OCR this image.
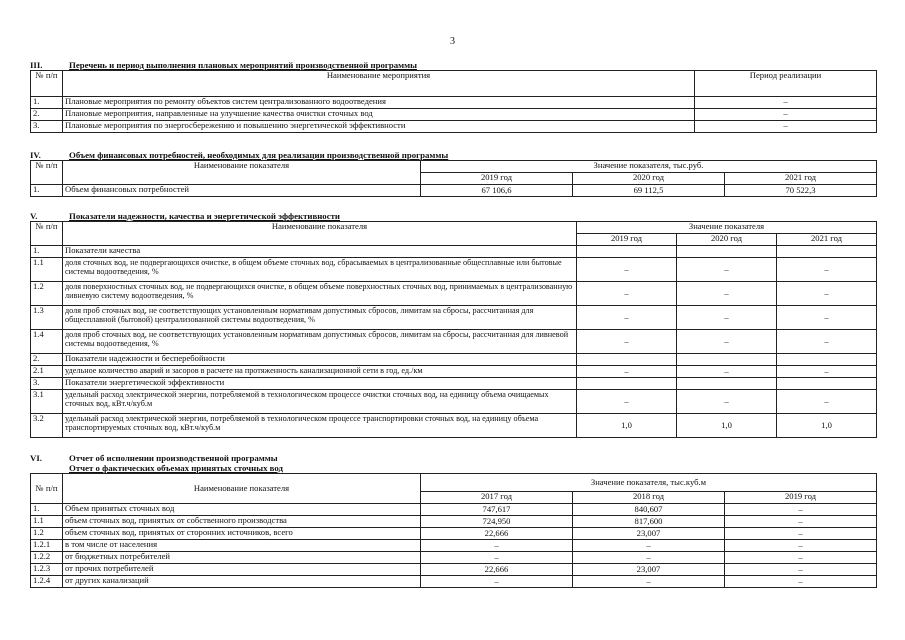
3
III.	Перечень и период выполнения плановых мероприятий производственной программы
№ п/п	Наименование мероприятия	Период реализации
1.	Плановые мероприятия по ремонту объектов систем централизованного водоотведения	–
2.	Плановые мероприятия, направленные на улучшение качества очистки сточных вод	–
3.	Плановые мероприятия по энергосбережению и повышению энергетической эффективности	–
IV.	Объем финансовых потребностей, необходимых для реализации производственной программы
№ п/п	Наименование показателя	Значение показателя, тыс.руб.		
		2019 год	2020 год	2021 год
1.	Объем финансовых потребностей	67 106,6	69 112,5	70 522,3
V.	Показатели надежности, качества и энергетической эффективности
№ п/п	Наименование показателя	Значение показателя		
		2019 год	2020 год	2021 год
1.	Показатели качества			
1.1	доля сточных вод, не подвергающихся очистке, в общем объеме сточных вод, сбрасываемых в централизованные общесплавные или бытовые системы водоотведения, %	–	–	–
1.2	доля поверхностных сточных вод, не подвергающихся очистке, в общем объеме поверхностных сточных вод, принимаемых в централизованную ливневую систему водоотведения, %	–	–	–
1.3	доля проб сточных вод, не соответствующих установленным нормативам допустимых сбросов, лимитам на сбросы, рассчитанная для общесплавной (бытовой) централизованной системы водоотведения, %	–	–	–
1.4	доля проб сточных вод, не соответствующих установленным нормативам допустимых сбросов, лимитам на сбросы, рассчитанная для ливневой системы водоотведения, %	–	–	–
2.	Показатели надежности и бесперебойности			
2.1	удельное количество аварий и засоров в расчете на протяженность канализационной сети в год, ед./км	–	–	–
3.	Показатели энергетической эффективности			
3.1	удельный расход электрической энергии, потребляемой в технологическом процессе очистки сточных вод, на единицу объема очищаемых сточных вод, кВт.ч/куб.м	–	–	–
3.2	удельный расход электрической энергии, потребляемой в технологическом процессе транспортировки сточных вод, на единицу объема транспортируемых сточных вод, кВт.ч/куб.м	1,0	1,0	1,0
VI.	Отчет об исполнении производственной программы
Отчет о фактических объемах принятых сточных вод
№ п/п	Наименование показателя	Значение показателя, тыс.куб.м		
		2017 год	2018 год	2019 год
1.	Объем принятых сточных вод	747,617	840,607	–
1.1	объем сточных вод, принятых от собственного производства	724,950	817,600	–
1.2	объем сточных вод, принятых от сторонних источников, всего	22,666	23,007	–
1.2.1	в том числе от населения	–	–	–
1.2.2	от бюджетных потребителей	–	–	–
1.2.3	от прочих потребителей	22,666	23,007	–
1.2.4	от других канализаций	–	–	–
